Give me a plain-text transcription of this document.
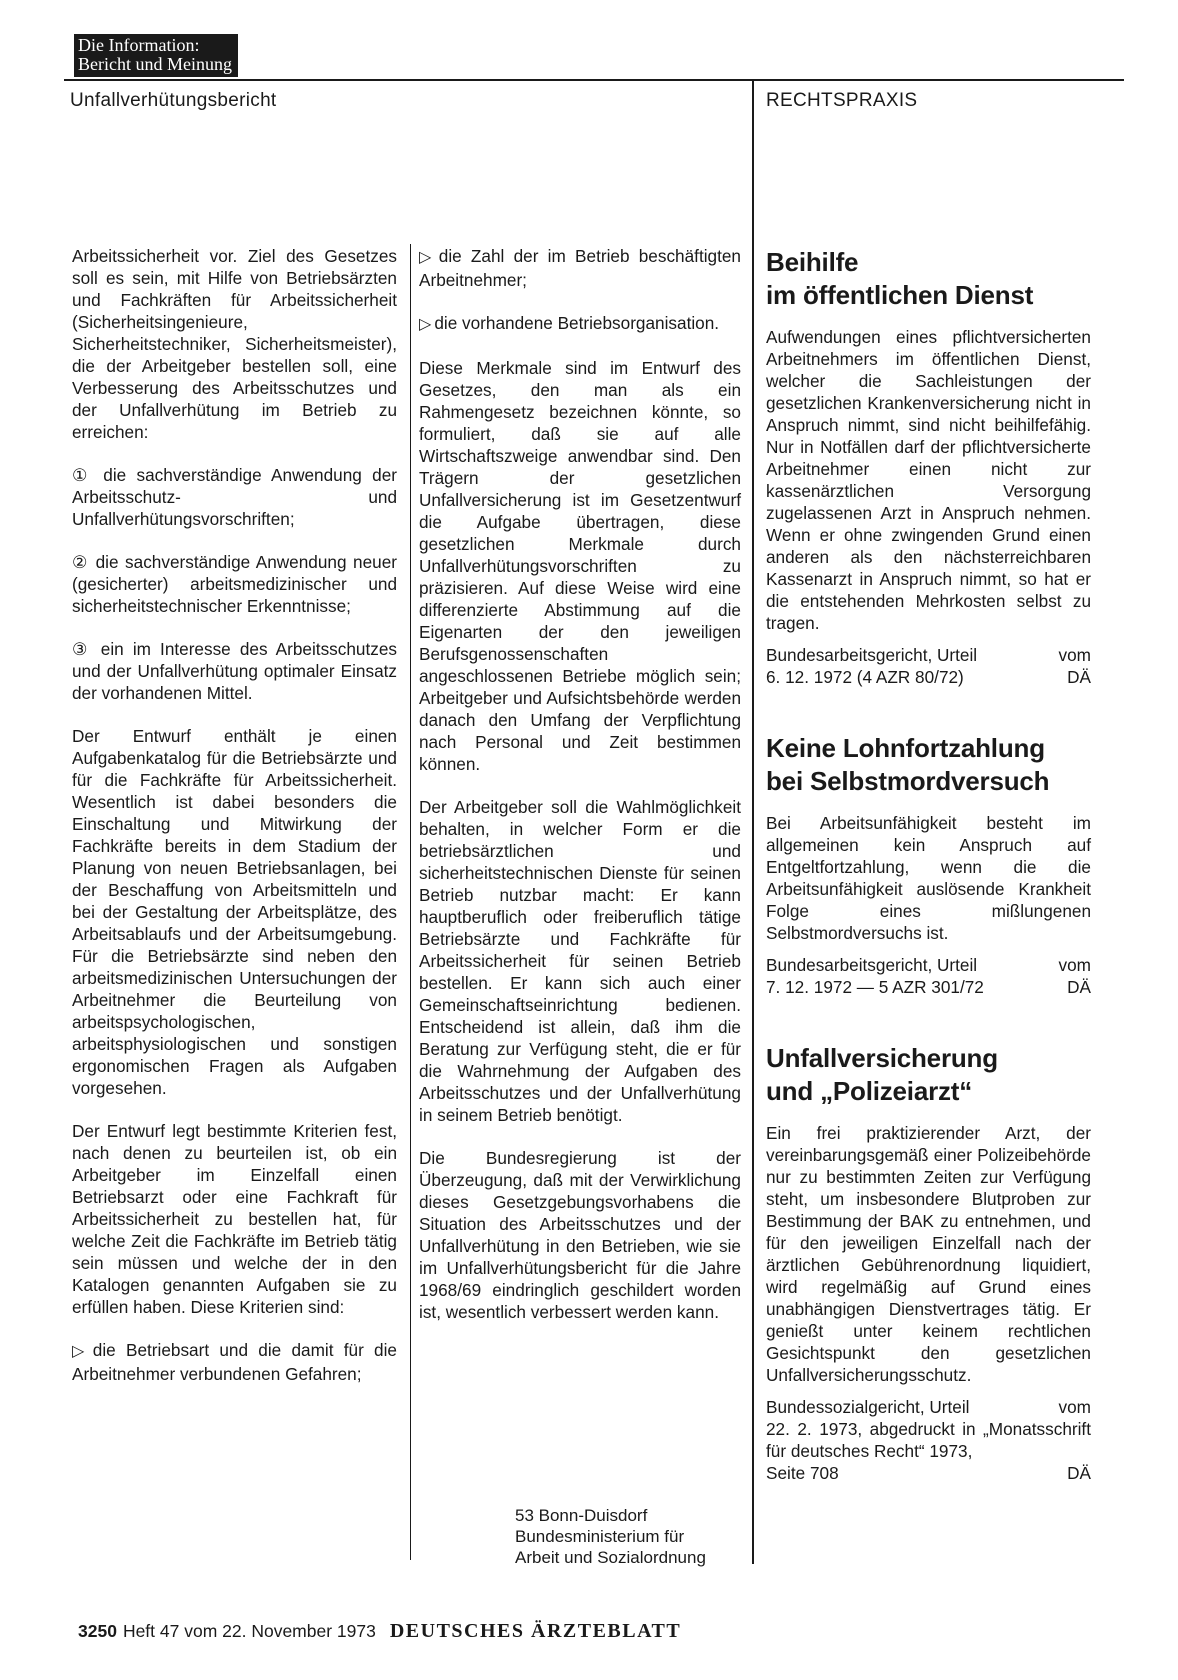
Die Information:
Bericht und Meinung
Unfallverhütungsbericht	RECHTSPRAXIS

Arbeitssicherheit vor. Ziel des Gesetzes soll es sein, mit Hilfe von Betriebsärzten und Fachkräften für Arbeitssicherheit (Sicherheitsingenieure, Sicherheitstechniker, Sicherheitsmeister), die der Arbeitgeber bestellen soll, eine Verbesserung des Arbeitsschutzes und der Unfallverhütung im Betrieb zu erreichen:

① die sachverständige Anwendung der Arbeitsschutz- und Unfallverhütungsvorschriften;

② die sachverständige Anwendung neuer (gesicherter) arbeitsmedizinischer und sicherheitstechnischer Erkenntnisse;

③ ein im Interesse des Arbeitsschutzes und der Unfallverhütung optimaler Einsatz der vorhandenen Mittel.

Der Entwurf enthält je einen Aufgabenkatalog für die Betriebsärzte und für die Fachkräfte für Arbeitssicherheit. Wesentlich ist dabei besonders die Einschaltung und Mitwirkung der Fachkräfte bereits in dem Stadium der Planung von neuen Betriebsanlagen, bei der Beschaffung von Arbeitsmitteln und bei der Gestaltung der Arbeitsplätze, des Arbeitsablaufs und der Arbeitsumgebung. Für die Betriebsärzte sind neben den arbeitsmedizinischen Untersuchungen der Arbeitnehmer die Beurteilung von arbeitspsychologischen, arbeitsphysiologischen und sonstigen ergonomischen Fragen als Aufgaben vorgesehen.

Der Entwurf legt bestimmte Kriterien fest, nach denen zu beurteilen ist, ob ein Arbeitgeber im Einzelfall einen Betriebsarzt oder eine Fachkraft für Arbeitssicherheit zu bestellen hat, für welche Zeit die Fachkräfte im Betrieb tätig sein müssen und welche der in den Katalogen genannten Aufgaben sie zu erfüllen haben. Diese Kriterien sind:

▷ die Betriebsart und die damit für die Arbeitnehmer verbundenen Gefahren;

▷ die Zahl der im Betrieb beschäftigten Arbeitnehmer;

▷ die vorhandene Betriebsorganisation.

Diese Merkmale sind im Entwurf des Gesetzes, den man als ein Rahmengesetz bezeichnen könnte, so formuliert, daß sie auf alle Wirtschaftszweige anwendbar sind. Den Trägern der gesetzlichen Unfallversicherung ist im Gesetzentwurf die Aufgabe übertragen, diese gesetzlichen Merkmale durch Unfallverhütungsvorschriften zu präzisieren. Auf diese Weise wird eine differenzierte Abstimmung auf die Eigenarten der den jeweiligen Berufsgenossenschaften angeschlossenen Betriebe möglich sein; Arbeitgeber und Aufsichtsbehörde werden danach den Umfang der Verpflichtung nach Personal und Zeit bestimmen können.

Der Arbeitgeber soll die Wahlmöglichkeit behalten, in welcher Form er die betriebsärztlichen und sicherheitstechnischen Dienste für seinen Betrieb nutzbar macht: Er kann hauptberuflich oder freiberuflich tätige Betriebsärzte und Fachkräfte für Arbeitssicherheit für seinen Betrieb bestellen. Er kann sich auch einer Gemeinschaftseinrichtung bedienen. Entscheidend ist allein, daß ihm die Beratung zur Verfügung steht, die er für die Wahrnehmung der Aufgaben des Arbeitsschutzes und der Unfallverhütung in seinem Betrieb benötigt.

Die Bundesregierung ist der Überzeugung, daß mit der Verwirklichung dieses Gesetzgebungsvorhabens die Situation des Arbeitsschutzes und der Unfallverhütung in den Betrieben, wie sie im Unfallverhütungsbericht für die Jahre 1968/69 eindringlich geschildert worden ist, wesentlich verbessert werden kann.

53 Bonn-Duisdorf
Bundesministerium für
Arbeit und Sozialordnung
Beihilfe
im öffentlichen Dienst

Aufwendungen eines pflichtversicherten Arbeitnehmers im öffentlichen Dienst, welcher die Sachleistungen der gesetzlichen Krankenversicherung nicht in Anspruch nimmt, sind nicht beihilfefähig. Nur in Notfällen darf der pflichtversicherte Arbeitnehmer einen nicht zur kassenärztlichen Versorgung zugelassenen Arzt in Anspruch nehmen. Wenn er ohne zwingenden Grund einen anderen als den nächsterreichbaren Kassenarzt in Anspruch nimmt, so hat er die entstehenden Mehrkosten selbst zu tragen.

Bundesarbeitsgericht, Urteil	vom
6. 12. 1972 (4 AZR 80/72)	DÄ
Keine Lohnfortzahlung
bei Selbstmordversuch

Bei Arbeitsunfähigkeit besteht im allgemeinen kein Anspruch auf Entgeltfortzahlung, wenn die die Arbeitsunfähigkeit auslösende Krankheit Folge eines mißlungenen Selbstmordversuchs ist.

Bundesarbeitsgericht, Urteil	vom
7. 12. 1972 — 5 AZR 301/72	DÄ
Unfallversicherung
und „Polizeiarzt“

Ein frei praktizierender Arzt, der vereinbarungsgemäß einer Polizeibehörde nur zu bestimmten Zeiten zur Verfügung steht, um insbesondere Blutproben zur Bestimmung der BAK zu entnehmen, und für den jeweiligen Einzelfall nach der ärztlichen Gebührenordnung liquidiert, wird regelmäßig auf Grund eines unabhängigen Dienstvertrages tätig. Er genießt unter keinem rechtlichen Gesichtspunkt den gesetzlichen Unfallversicherungsschutz.

Bundessozialgericht, Urteil	vom
22. 2. 1973, abgedruckt in „Monatsschrift für deutsches Recht“ 1973,
Seite 708	DÄ
3250 Heft 47 vom 22. November 1973 DEUTSCHES ÄRZTEBLATT
